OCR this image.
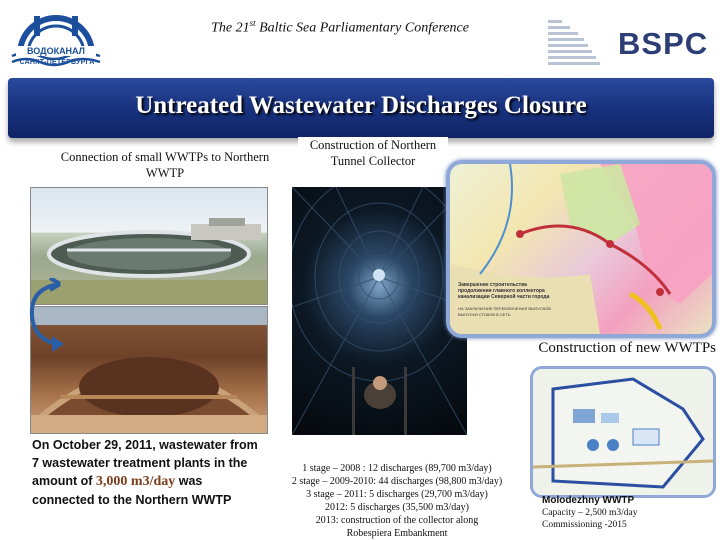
ВОДОКАНАЛ
САНКТ-ПЕТЕРБУРГА
The 21st Baltic Sea Parliamentary Conference	BSPC
Untreated Wastewater Discharges Closure
Connection of small WWTPs to Northern WWTP
Construction of Northern Tunnel Collector
Construction of new WWTPs
Завершение строительства
продолжения главного коллектора
канализации Северной части города
НА ЗАКЛЮЧЕНИЕ ПЕРЕКЛЮЧЕНИЯ ВЫПУСКОВ
ВЫПУСКИ СТОКОВ В СЕТЬ
On October 29, 2011, wastewater from 7 wastewater treatment plants in the amount of 3,000 m3/day was connected to the Northern WWTP
1 stage – 2008 : 12 discharges (89,700 m3/day)
2 stage – 2009-2010: 44 discharges (98,800 m3/day)
3 stage – 2011: 5 discharges (29,700 m3/day)
2012: 5 discharges (35,500 m3/day)
2013: construction of the collector along
Robespiera Embankment
Molodezhny WWTP
Capacity – 2,500 m3/day
Commissioning -2015
